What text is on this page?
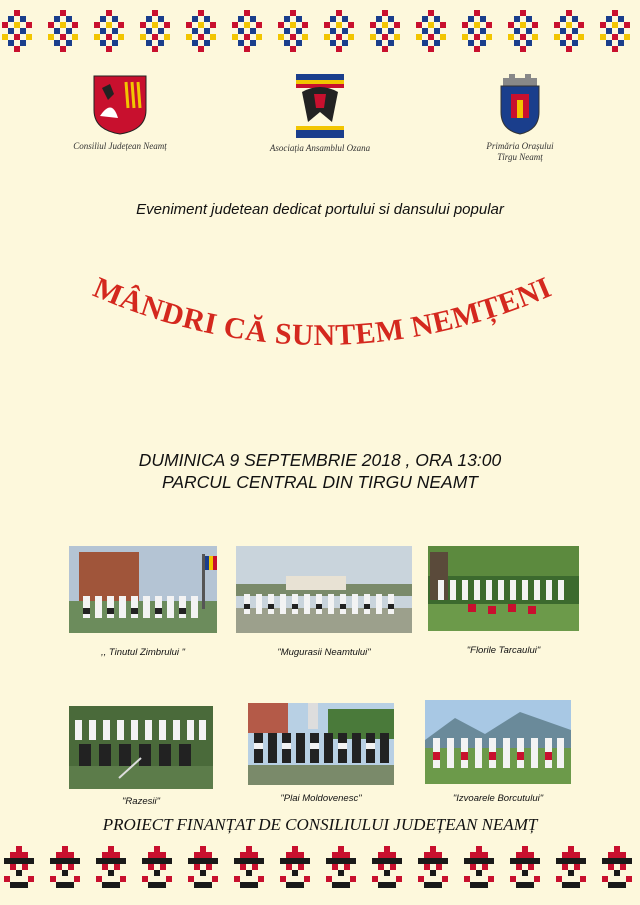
Consiliul Județean Neamț	Asociația Ansamblul Ozana	Primăria Orașului
Tîrgu Neamț
Eveniment judetean dedicat portului si dansului popular
MÂNDRI CĂ SUNTEM NEMȚENI
DUMINICA 9 SEPTEMBRIE 2018 , ORA 13:00
PARCUL CENTRAL DIN TIRGU NEAMT
,, Tinutul Zimbrului "	"Mugurasii Neamtului"	"Florile Tarcaului"
"Razesii"	"Plai Moldovenesc"	"Izvoarele Borcutului"
PROIECT FINANȚAT DE CONSILIULUI JUDEȚEAN NEAMȚ
